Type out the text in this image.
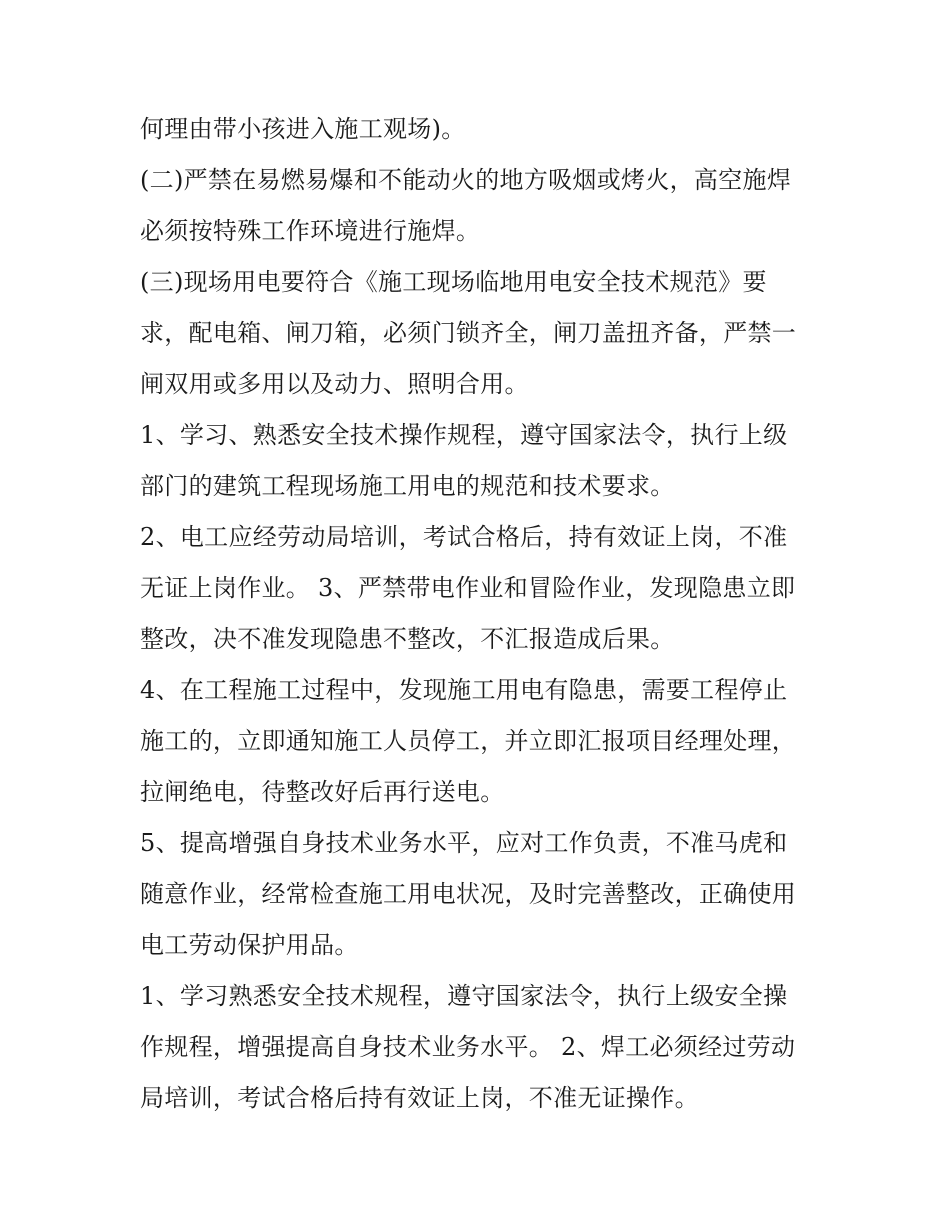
何理由带小孩进入施工观场)。
(二)严禁在易燃易爆和不能动火的地方吸烟或烤火，高空施焊
必须按特殊工作环境进行施焊。
(三)现场用电要符合《施工现场临地用电安全技术规范》要
求，配电箱、闸刀箱，必须门锁齐全，闸刀盖扭齐备，严禁一
闸双用或多用以及动力、照明合用。
1、学习、熟悉安全技术操作规程，遵守国家法令，执行上级
部门的建筑工程现场施工用电的规范和技术要求。
2、电工应经劳动局培训，考试合格后，持有效证上岗，不准
无证上岗作业。 3、严禁带电作业和冒险作业，发现隐患立即
整改，决不准发现隐患不整改，不汇报造成后果。
4、在工程施工过程中，发现施工用电有隐患，需要工程停止
施工的，立即通知施工人员停工，并立即汇报项目经理处理，
拉闸绝电，待整改好后再行送电。
5、提高增强自身技术业务水平，应对工作负责，不准马虎和
随意作业，经常检查施工用电状况，及时完善整改，正确使用
电工劳动保护用品。
1、学习熟悉安全技术规程，遵守国家法令，执行上级安全操
作规程，增强提高自身技术业务水平。 2、焊工必须经过劳动
局培训，考试合格后持有效证上岗，不准无证操作。
